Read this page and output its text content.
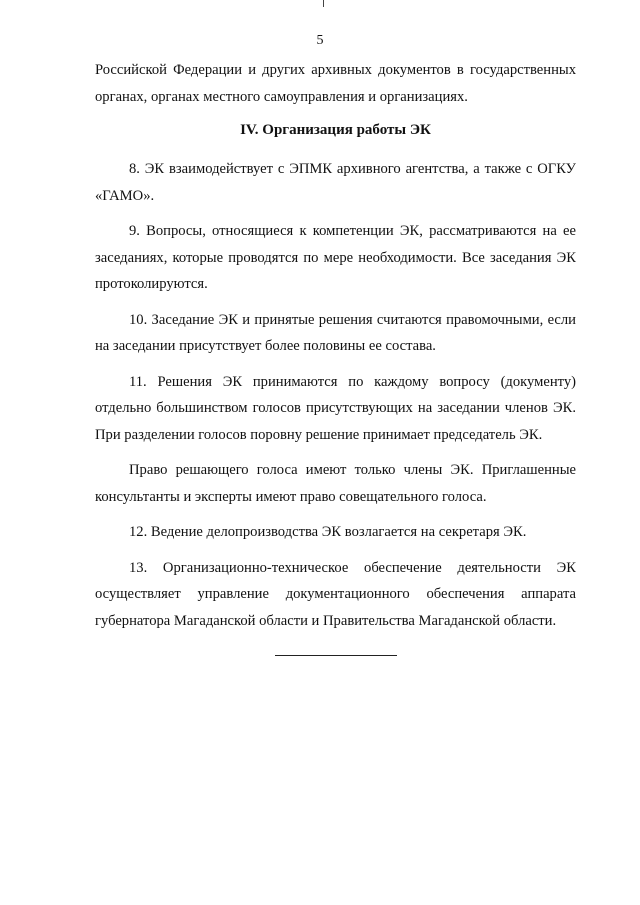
5

Российской Федерации и других архивных документов в государственных органах, органах местного самоуправления и организациях.

IV. Организация работы ЭК

8. ЭК взаимодействует с ЭПМК архивного агентства, а также с ОГКУ «ГАМО».

9. Вопросы, относящиеся к компетенции ЭК, рассматриваются на ее заседаниях, которые проводятся по мере необходимости. Все заседания ЭК протоколируются.

10. Заседание ЭК и принятые решения считаются правомочными, если на заседании присутствует более половины ее состава.

11. Решения ЭК принимаются по каждому вопросу (документу) отдельно большинством голосов присутствующих на заседании членов ЭК. При разделении голосов поровну решение принимает председатель ЭК.

Право решающего голоса имеют только члены ЭК. Приглашенные консультанты и эксперты имеют право совещательного голоса.

12. Ведение делопроизводства ЭК возлагается на секретаря ЭК.

13. Организационно-техническое обеспечение деятельности ЭК осуществляет управление документационного обеспечения аппарата губернатора Магаданской области и Правительства Магаданской области.
